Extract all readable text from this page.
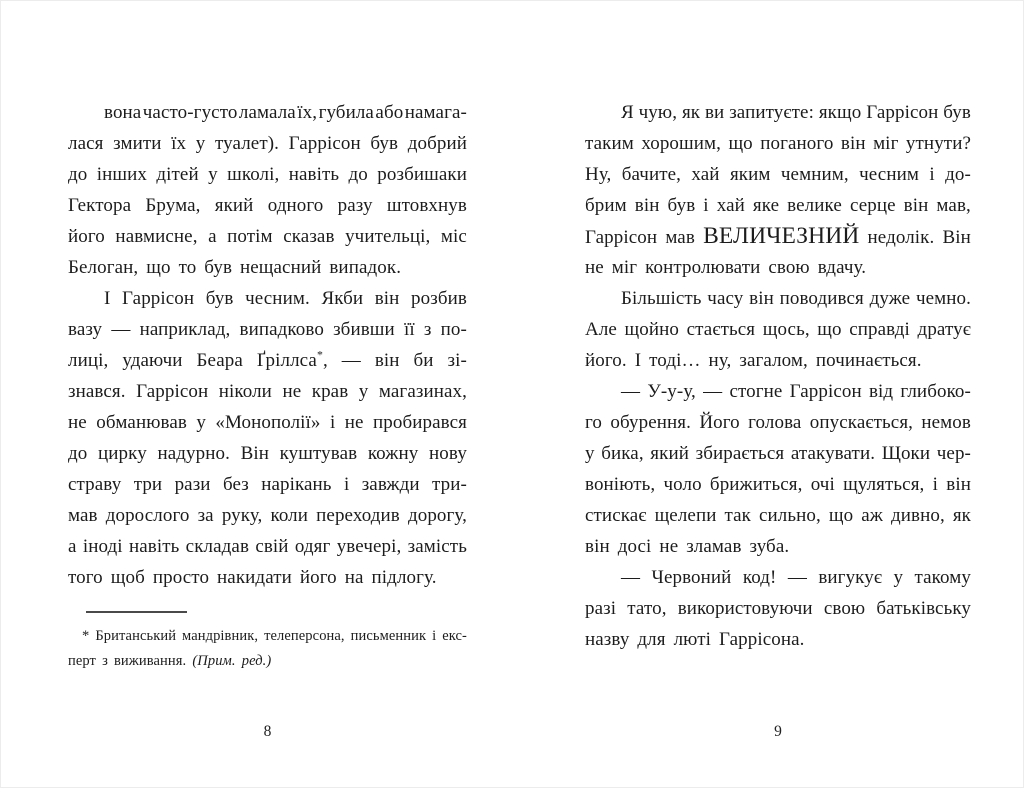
вона часто-густо ламала їх, губила або намага-
лася змити їх у туалет). Гаррісон був добрий
до інших дітей у школі, навіть до розбишаки
Гектора Брума, який одного разу штовхнув
його навмисне, а потім сказав учительці, міс
Белоган, що то був нещасний випадок.
І Гаррісон був чесним. Якби він розбив
вазу — наприклад, випадково збивши її з по-
лиці, удаючи Беара Ґріллса*, — він би зі-
знався. Гаррісон ніколи не крав у магазинах,
не обманював у «Монополії» і не пробирався
до цирку надурно. Він куштував кожну нову
страву три рази без нарікань і завжди три-
мав дорослого за руку, коли переходив дорогу,
а іноді навіть складав свій одяг увечері, замість
того щоб просто накидати його на підлогу.
* Британський мандрівник, телеперсона, письменник і екс-
перт з виживання. (Прим. ред.)
Я чую, як ви запитуєте: якщо Гаррісон був
таким хорошим, що поганого він міг утнути?
Ну, бачите, хай яким чемним, чесним і до-
брим він був і хай яке велике серце він мав,
Гаррісон мав ВЕЛИЧЕЗНИЙ недолік. Він
не міг контролювати свою вдачу.
Більшість часу він поводився дуже чемно.
Але щойно стається щось, що справді дратує
його. І тоді… ну, загалом, починається.
— У-у-у, — стогне Гаррісон від глибоко-
го обурення. Його голова опускається, немов
у бика, який збирається атакувати. Щоки чер-
воніють, чоло брижиться, очі щуляться, і він
стискає щелепи так сильно, що аж дивно, як
він досі не зламав зуба.
— Червоний код! — вигукує у такому
разі тато, використовуючи свою батьківську
назву для люті Гаррісона.
8	9
